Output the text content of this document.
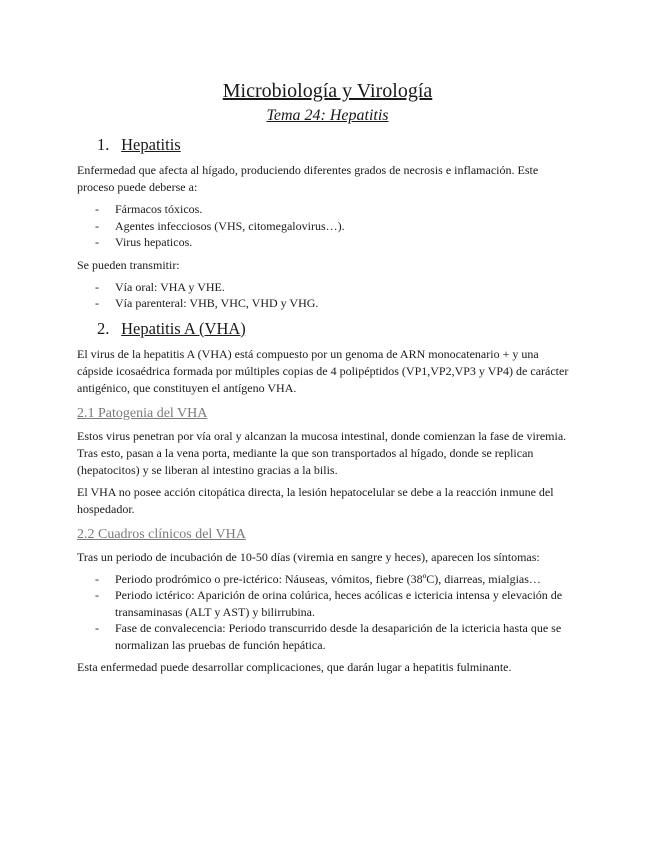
Microbiología y Virología
Tema 24: Hepatitis
1. Hepatitis

Enfermedad que afecta al hígado, produciendo diferentes grados de necrosis e inflamación. Este proceso puede deberse a:

- Fármacos tóxicos.
- Agentes infecciosos (VHS, citomegalovirus…).
- Virus hepaticos.

Se pueden transmitir:

- Vía oral: VHA y VHE.
- Vía parenteral: VHB, VHC, VHD y VHG.
2. Hepatitis A (VHA)

El virus de la hepatitis A (VHA) está compuesto por un genoma de ARN monocatenario + y una cápside icosaédrica formada por múltiples copias de 4 polipéptidos (VP1,VP2,VP3 y VP4) de carácter antigénico, que constituyen el antígeno VHA.

2.1 Patogenia del VHA

Estos virus penetran por vía oral y alcanzan la mucosa intestinal, donde comienzan la fase de viremia. Tras esto, pasan a la vena porta, mediante la que son transportados al hígado, donde se replican (hepatocitos) y se liberan al intestino gracias a la bilis.

El VHA no posee acción citopática directa, la lesión hepatocelular se debe a la reacción inmune del hospedador.

2.2 Cuadros clínicos del VHA

Tras un periodo de incubación de 10-50 días (viremia en sangre y heces), aparecen los síntomas:

- Periodo prodrómico o pre-ictérico: Náuseas, vómitos, fiebre (38ºC), diarreas, mialgias…
- Periodo ictérico: Aparición de orina colúrica, heces acólicas e ictericia intensa y elevación de transaminasas (ALT y AST) y bilirrubina.
- Fase de convalecencia: Periodo transcurrido desde la desaparición de la ictericia hasta que se normalizan las pruebas de función hepática.

Esta enfermedad puede desarrollar complicaciones, que darán lugar a hepatitis fulminante.
